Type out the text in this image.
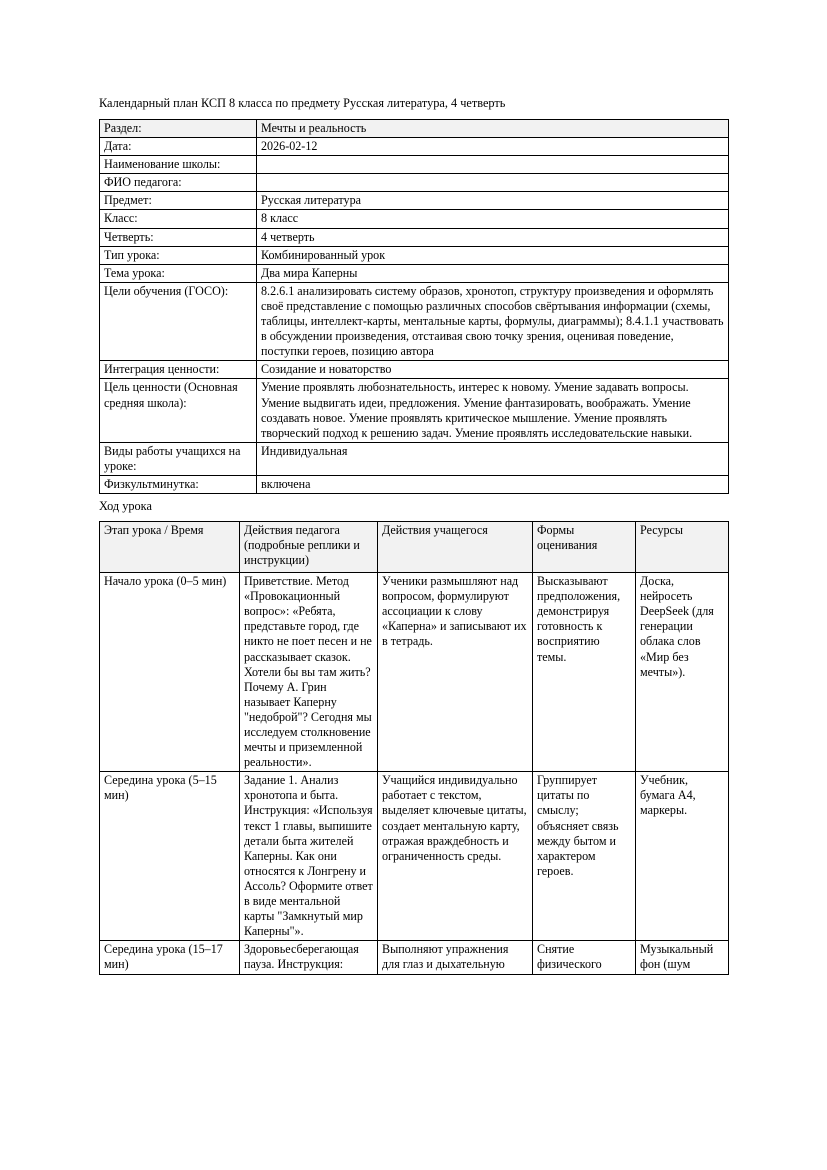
Календарный план КСП 8 класса по предмету Русская литература, 4 четверть
Раздел:	Мечты и реальность
Дата:	2026-02-12
Наименование школы:	
ФИО педагога:	
Предмет:	Русская литература
Класс:	8 класс
Четверть:	4 четверть
Тип урока:	Комбинированный урок
Тема урока:	Два мира Каперны
Цели обучения (ГОСО):	8.2.6.1 анализировать систему образов, хронотоп, структуру произведения и оформлять своё представление с помощью различных способов свёртывания информации (схемы, таблицы, интеллект-карты, ментальные карты, формулы, диаграммы); 8.4.1.1 участвовать в обсуждении произведения, отстаивая свою точку зрения, оценивая поведение, поступки героев, позицию автора
Интеграция ценности:	Созидание и новаторство
Цель ценности (Основная средняя школа):	Умение проявлять любознательность, интерес к новому. Умение задавать вопросы. Умение выдвигать идеи, предложения. Умение фантазировать, воображать. Умение создавать новое. Умение проявлять критическое мышление. Умение проявлять творческий подход к решению задач. Умение проявлять исследовательские навыки.
Виды работы учащихся на уроке:	Индивидуальная
Физкультминутка:	включена
Ход урока
Этап урока / Время	Действия педагога (подробные реплики и инструкции)	Действия учащегося	Формы оценивания	Ресурсы
Начало урока (0–5 мин)	Приветствие. Метод «Провокационный вопрос»: «Ребята, представьте город, где никто не поет песен и не рассказывает сказок. Хотели бы вы там жить? Почему А. Грин называет Каперну "недоброй"? Сегодня мы исследуем столкновение мечты и приземленной реальности».	Ученики размышляют над вопросом, формулируют ассоциации к слову «Каперна» и записывают их в тетрадь.	Высказывают предположения, демонстрируя готовность к восприятию темы.	Доска, нейросеть DeepSeek (для генерации облака слов «Мир без мечты»).
Середина урока (5–15 мин)	Задание 1. Анализ хронотопа и быта. Инструкция: «Используя текст 1 главы, выпишите детали быта жителей Каперны. Как они относятся к Лонгрену и Ассоль? Оформите ответ в виде ментальной карты "Замкнутый мир Каперны"».	Учащийся индивидуально работает с текстом, выделяет ключевые цитаты, создает ментальную карту, отражая враждебность и ограниченность среды.	Группирует цитаты по смыслу; объясняет связь между бытом и характером героев.	Учебник, бумага А4, маркеры.
Середина урока (15–17 мин)	Здоровьесберегающая пауза. Инструкция:	Выполняют упражнения для глаз и дыхательную	Снятие физического	Музыкальный фон (шум
